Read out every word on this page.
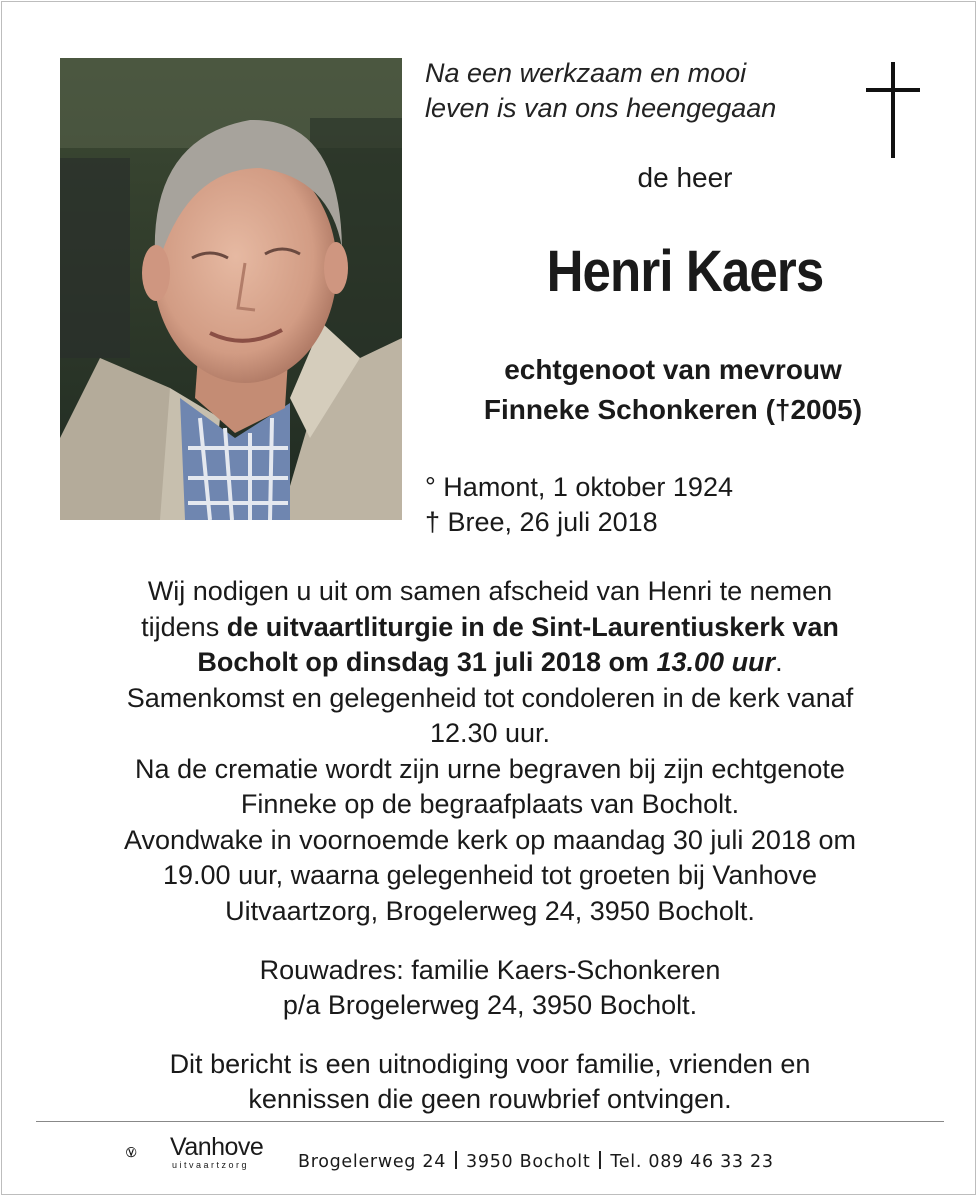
Na een werkzaam en mooi
leven is van ons heengegaan
de heer
Henri Kaers
echtgenoot van mevrouw
Finneke Schonkeren (†2005)
° Hamont, 1 oktober 1924
† Bree, 26 juli 2018
Wij nodigen u uit om samen afscheid van Henri te nemen
tijdens de uitvaartliturgie in de Sint-Laurentiuskerk van
Bocholt op dinsdag 31 juli 2018 om 13.00 uur.
Samenkomst en gelegenheid tot condoleren in de kerk vanaf
12.30 uur.
Na de crematie wordt zijn urne begraven bij zijn echtgenote
Finneke op de begraafplaats van Bocholt.
Avondwake in voornoemde kerk op maandag 30 juli 2018 om
19.00 uur, waarna gelegenheid tot groeten bij Vanhove
Uitvaartzorg, Brogelerweg 24, 3950 Bocholt.
Rouwadres: familie Kaers-Schonkeren
p/a Brogelerweg 24, 3950 Bocholt.
Dit bericht is een uitnodiging voor familie, vrienden en
kennissen die geen rouwbrief ontvingen.
Vanhove
uitvaartzorg	Brogelerweg 24 3950 Bocholt Tel. 089 46 33 23
